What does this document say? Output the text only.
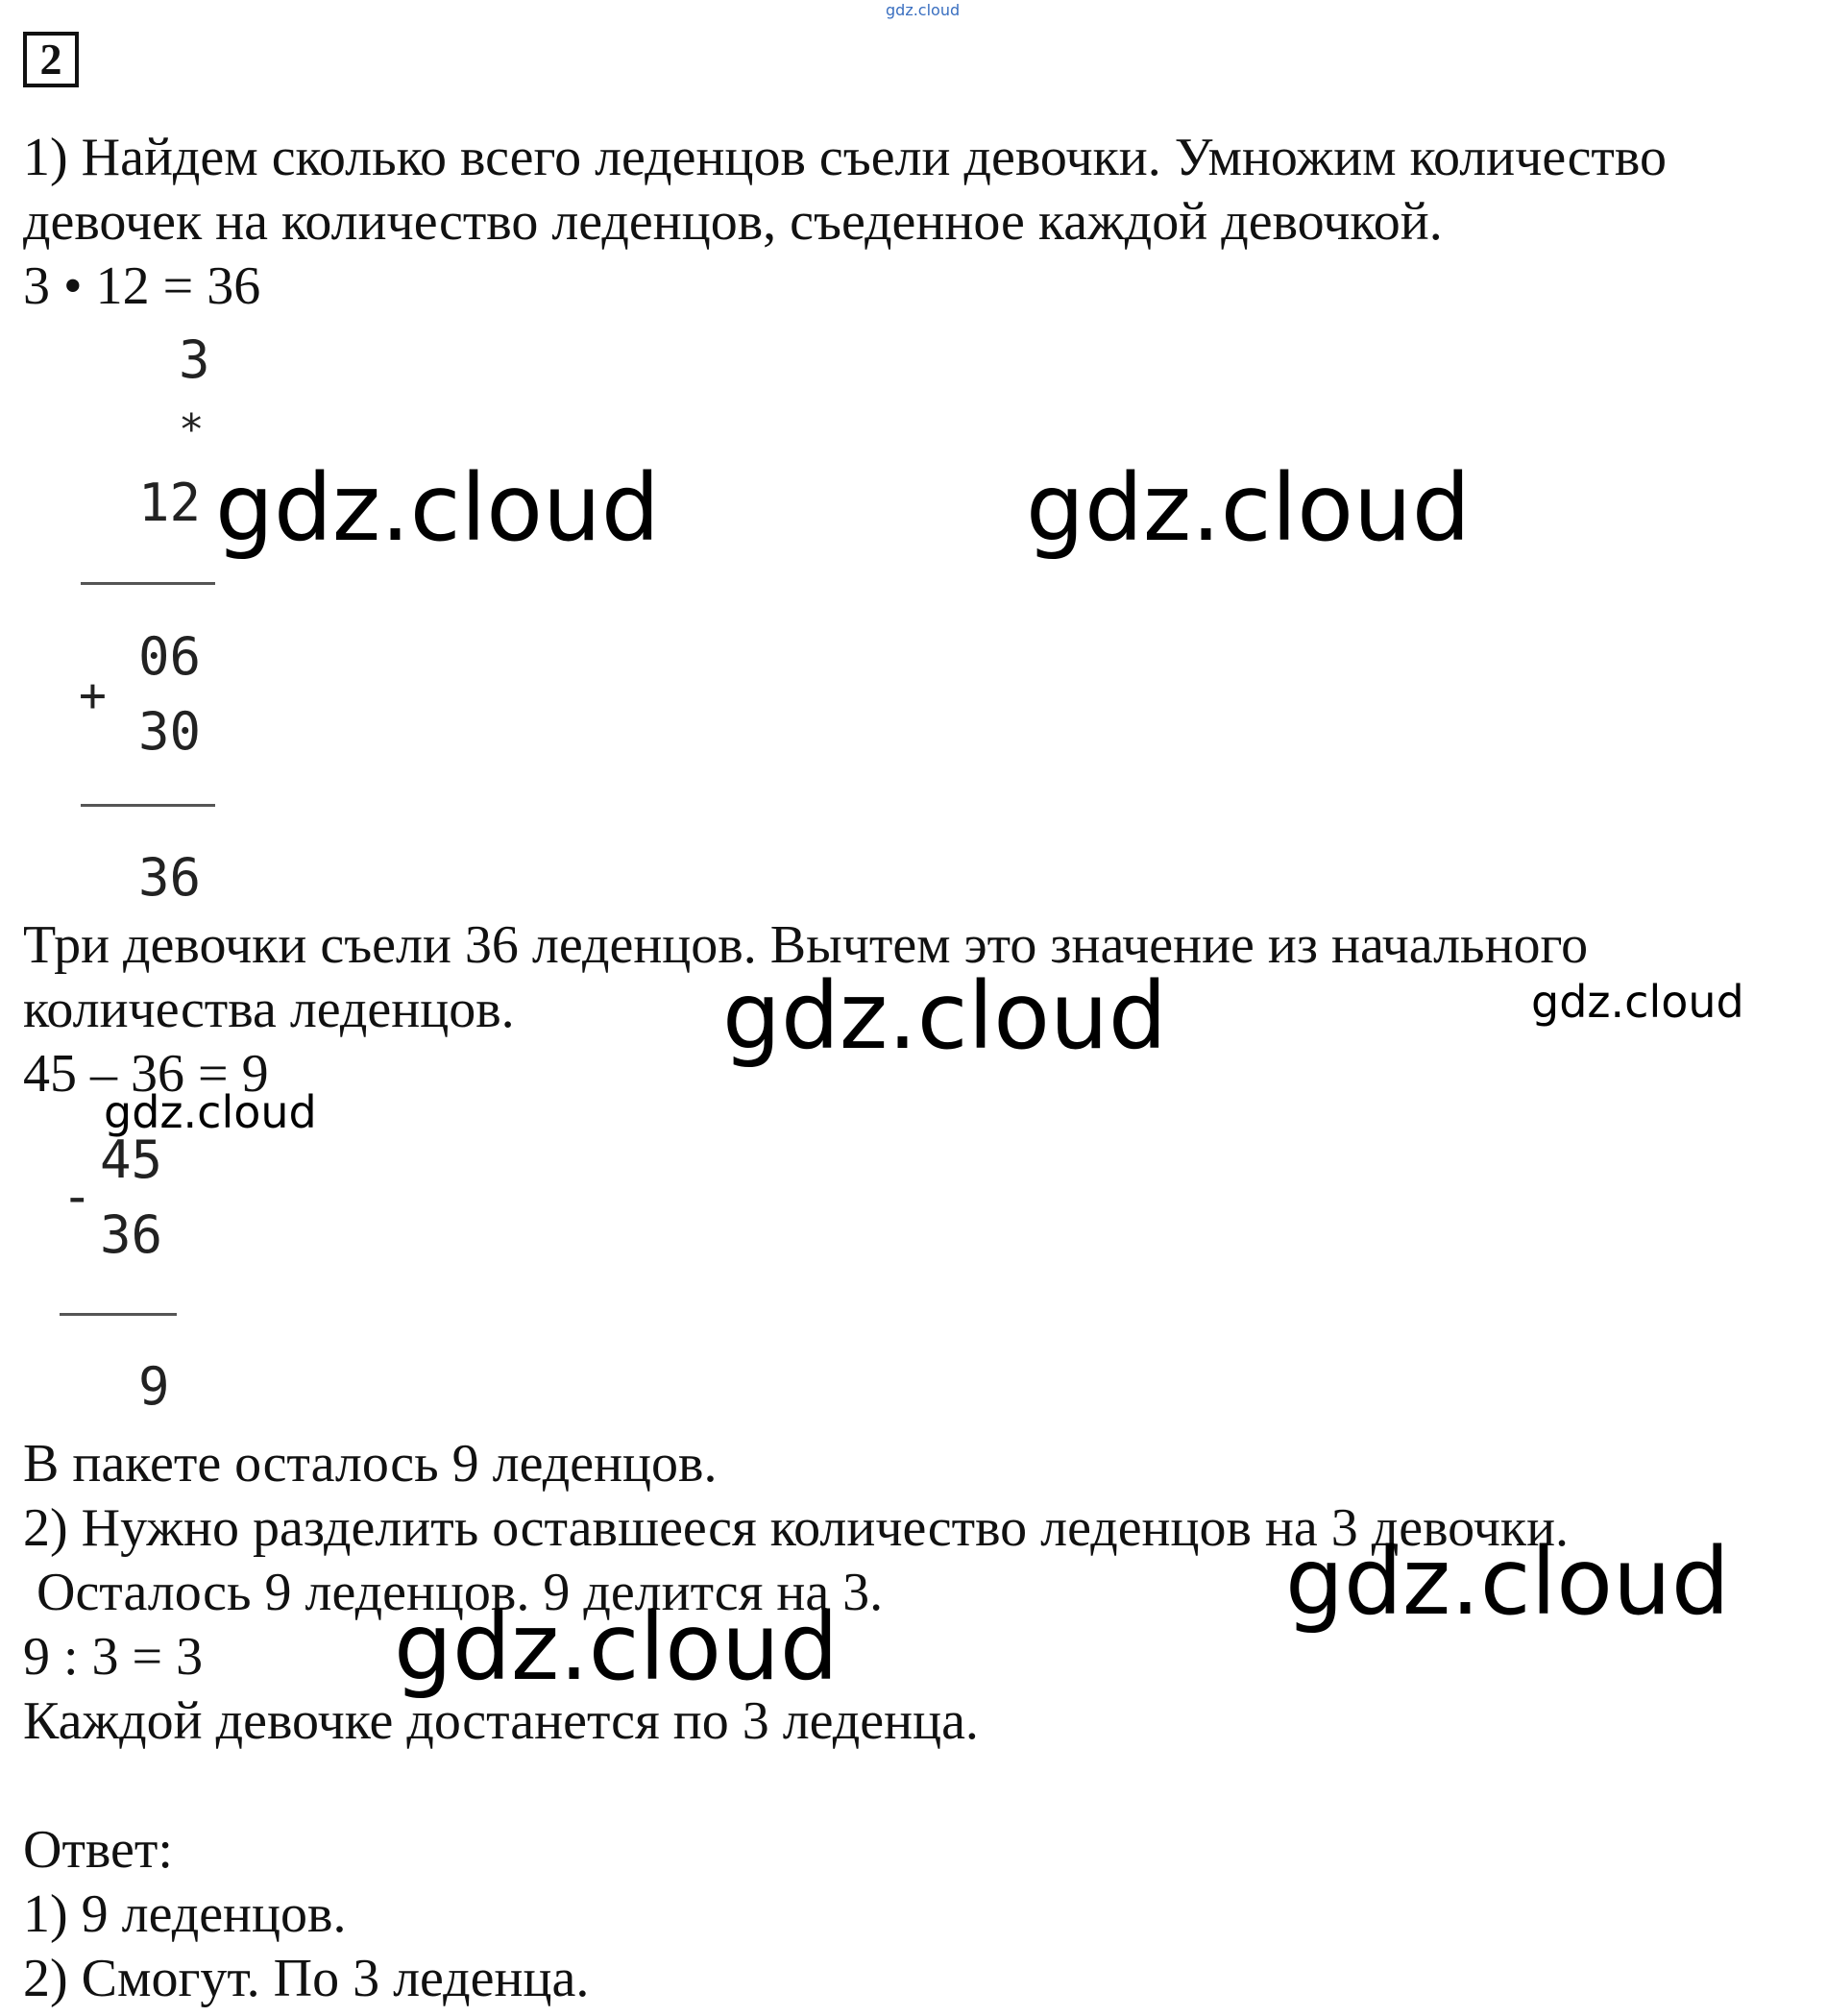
gdz.cloud
2
1) Найдем сколько всего леденцов съели девочки. Умножим количество
девочек на количество леденцов, съеденное каждой девочкой.
3 • 12 = 36
3
*
12
06
+
30
36
Три девочки съели 36 леденцов. Вычтем это значение из начального
количества леденцов.
45 – 36 = 9
-
45
36
9
В пакете осталось 9 леденцов.
2) Нужно разделить оставшееся количество леденцов на 3 девочки.
Осталось 9 леденцов. 9 делится на 3.
9 : 3 = 3
Каждой девочке достанется по 3 леденца.
Ответ:
1) 9 леденцов.
2) Смогут. По 3 леденца.
gdz.cloud	gdz.cloud
gdz.cloud	gdz.cloud
gdz.cloud
gdz.cloud
gdz.cloud
